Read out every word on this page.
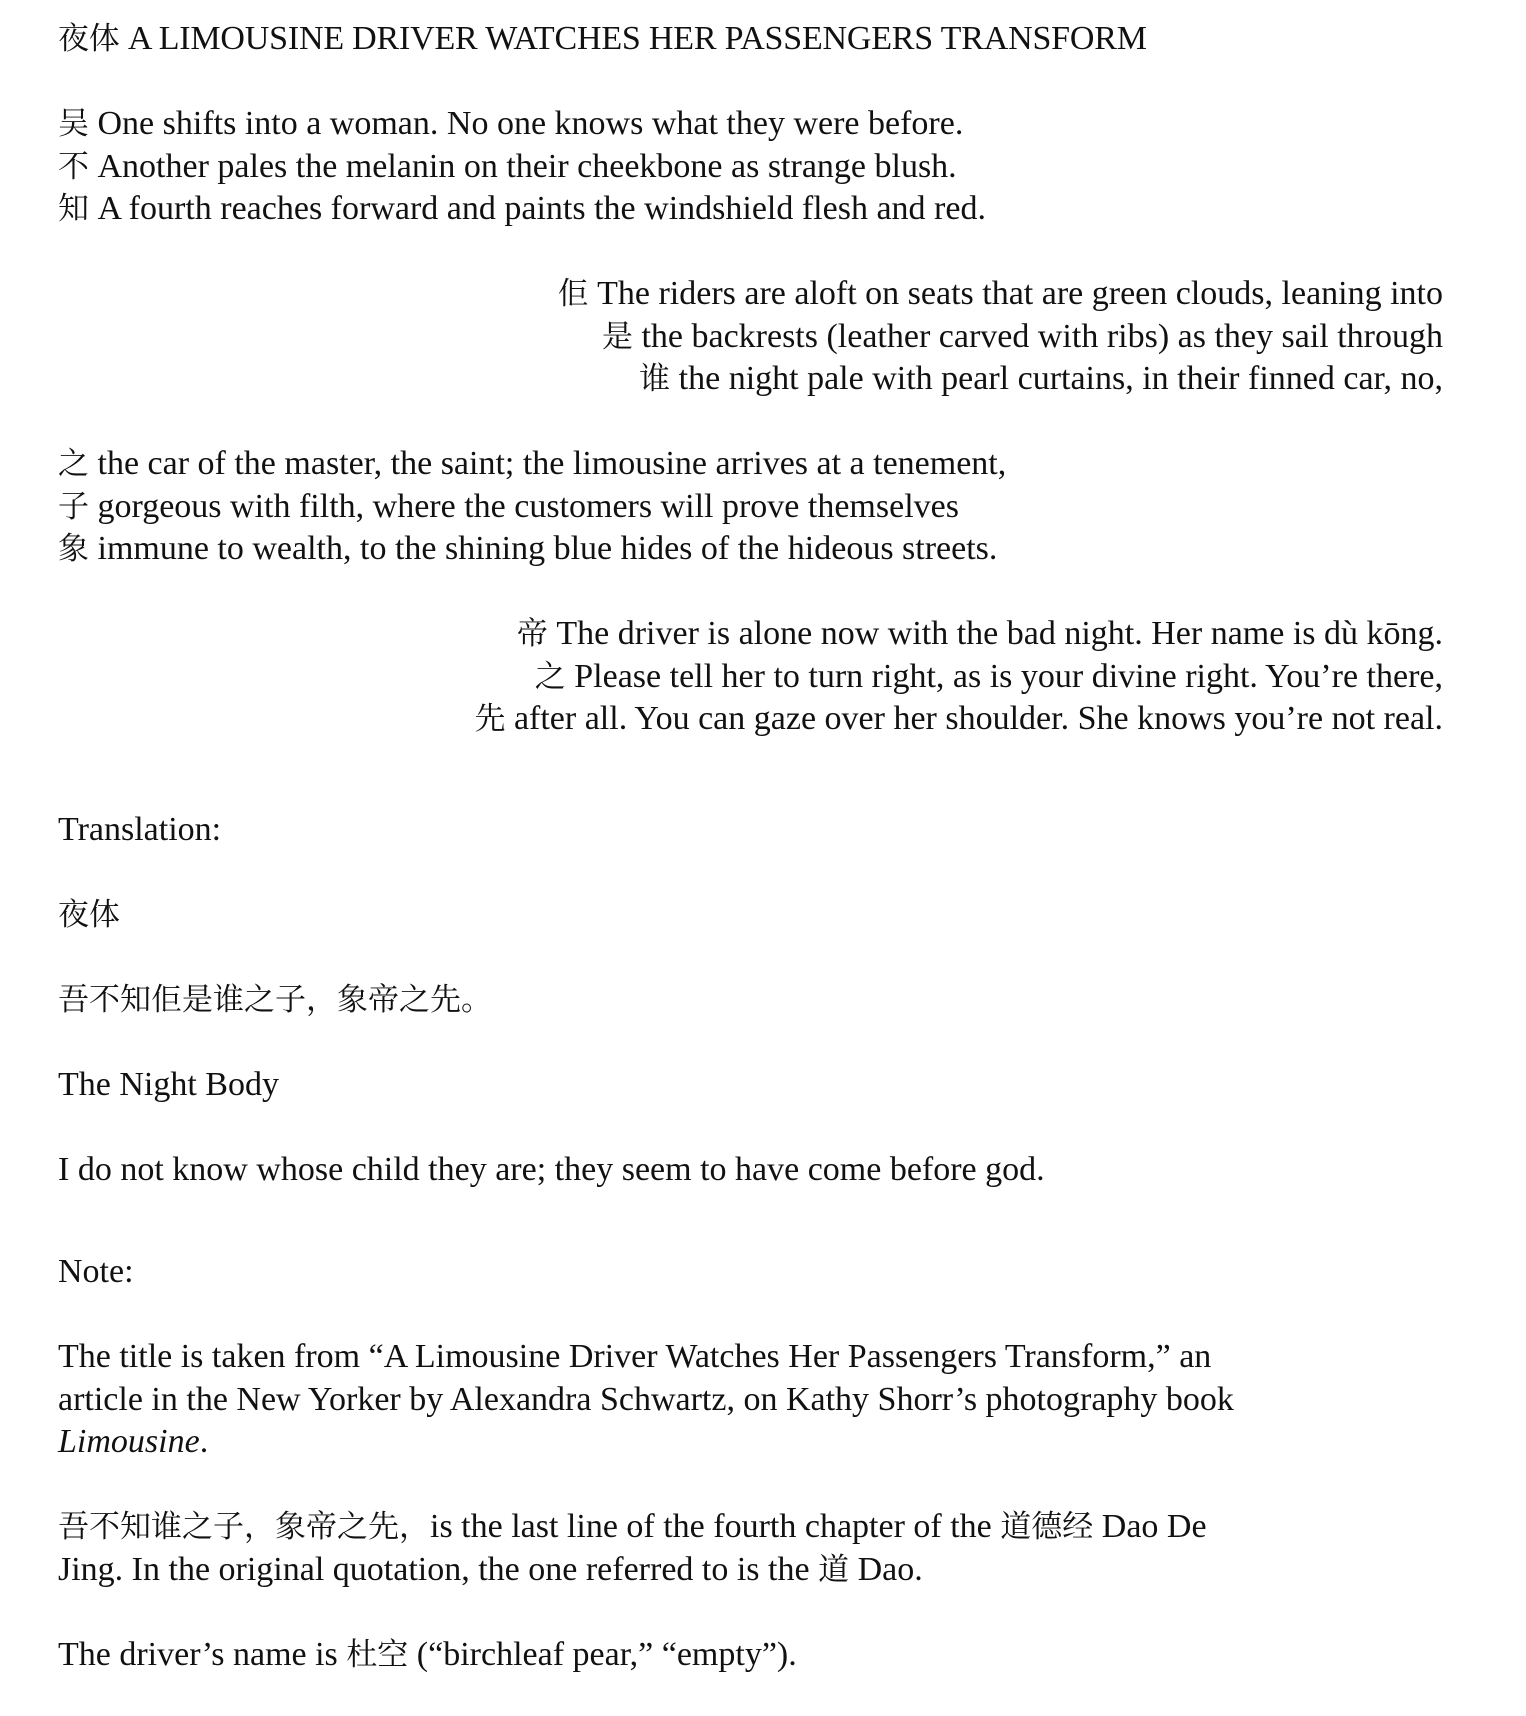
夜体 A LIMOUSINE DRIVER WATCHES HER PASSENGERS TRANSFORM
吴 One shifts into a woman. No one knows what they were before.
不 Another pales the melanin on their cheekbone as strange blush.
知 A fourth reaches forward and paints the windshield flesh and red.
佢 The riders are aloft on seats that are green clouds, leaning into
是 the backrests (leather carved with ribs) as they sail through
谁 the night pale with pearl curtains, in their finned car, no,
之 the car of the master, the saint; the limousine arrives at a tenement,
子 gorgeous with filth, where the customers will prove themselves
象 immune to wealth, to the shining blue hides of the hideous streets.
帝 The driver is alone now with the bad night. Her name is dù kōng.
之 Please tell her to turn right, as is your divine right. You’re there,
先 after all. You can gaze over her shoulder. She knows you’re not real.
Translation:
夜体
吾不知佢是谁之子，象帝之先。
The Night Body
I do not know whose child they are; they seem to have come before god.
Note:
The title is taken from “A Limousine Driver Watches Her Passengers Transform,” an
article in the New Yorker by Alexandra Schwartz, on Kathy Shorr’s photography book
Limousine.
吾不知谁之子，象帝之先，is the last line of the fourth chapter of the 道德经 Dao De
Jing. In the original quotation, the one referred to is the 道 Dao.
The driver’s name is 杜空 (“birchleaf pear,” “empty”).
